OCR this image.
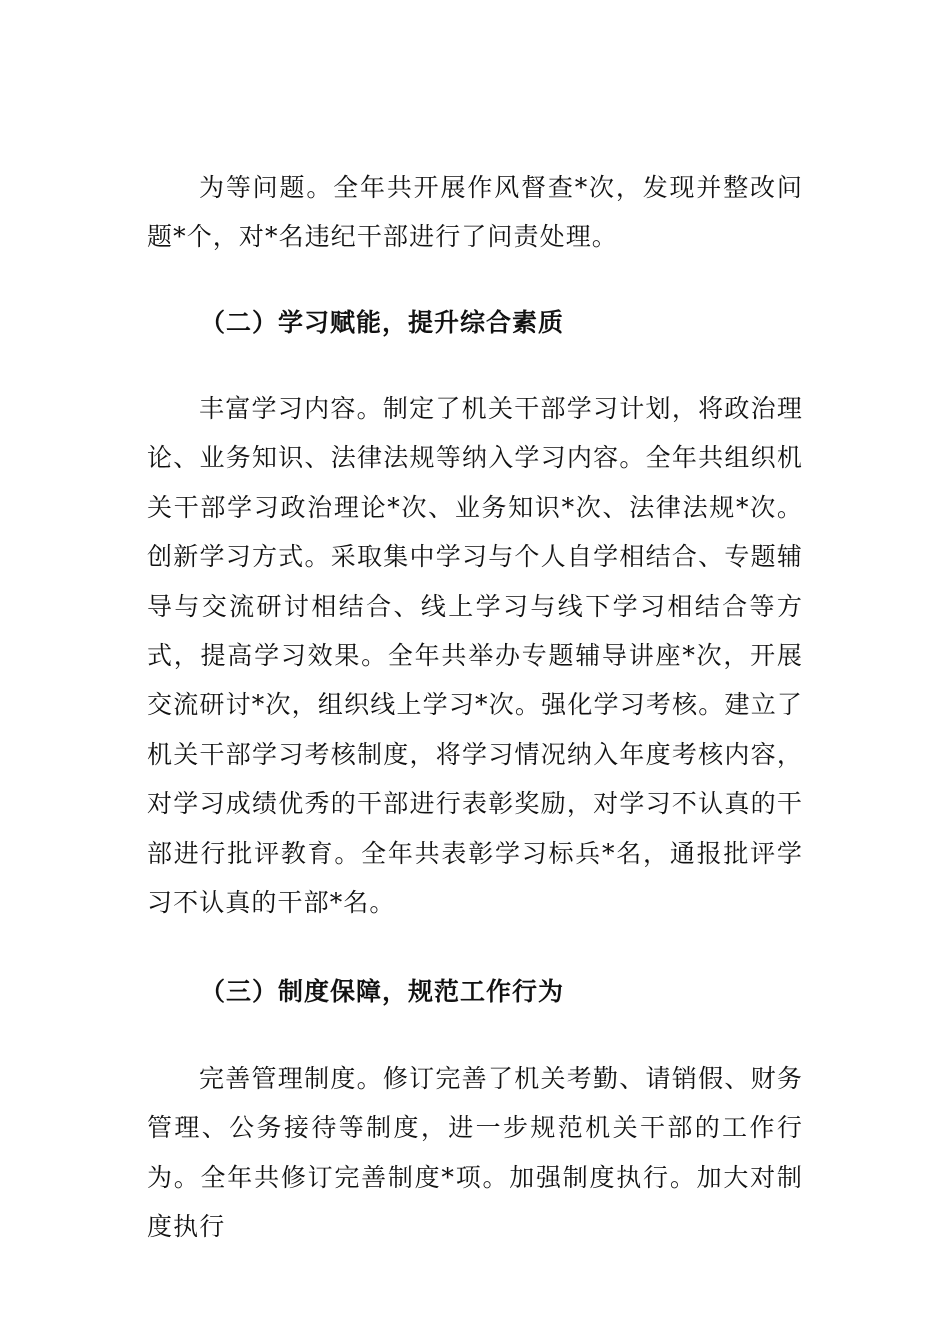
为等问题。全年共开展作风督查*次，发现并整改问题*个，对*名违纪干部进行了问责处理。

（二）学习赋能，提升综合素质

丰富学习内容。制定了机关干部学习计划，将政治理论、业务知识、法律法规等纳入学习内容。全年共组织机关干部学习政治理论*次、业务知识*次、法律法规*次。创新学习方式。采取集中学习与个人自学相结合、专题辅导与交流研讨相结合、线上学习与线下学习相结合等方式，提高学习效果。全年共举办专题辅导讲座*次，开展交流研讨*次，组织线上学习*次。强化学习考核。建立了机关干部学习考核制度，将学习情况纳入年度考核内容，对学习成绩优秀的干部进行表彰奖励，对学习不认真的干部进行批评教育。全年共表彰学习标兵*名，通报批评学习不认真的干部*名。

（三）制度保障，规范工作行为

完善管理制度。修订完善了机关考勤、请销假、财务管理、公务接待等制度，进一步规范机关干部的工作行为。全年共修订完善制度*项。加强制度执行。加大对制度执行
